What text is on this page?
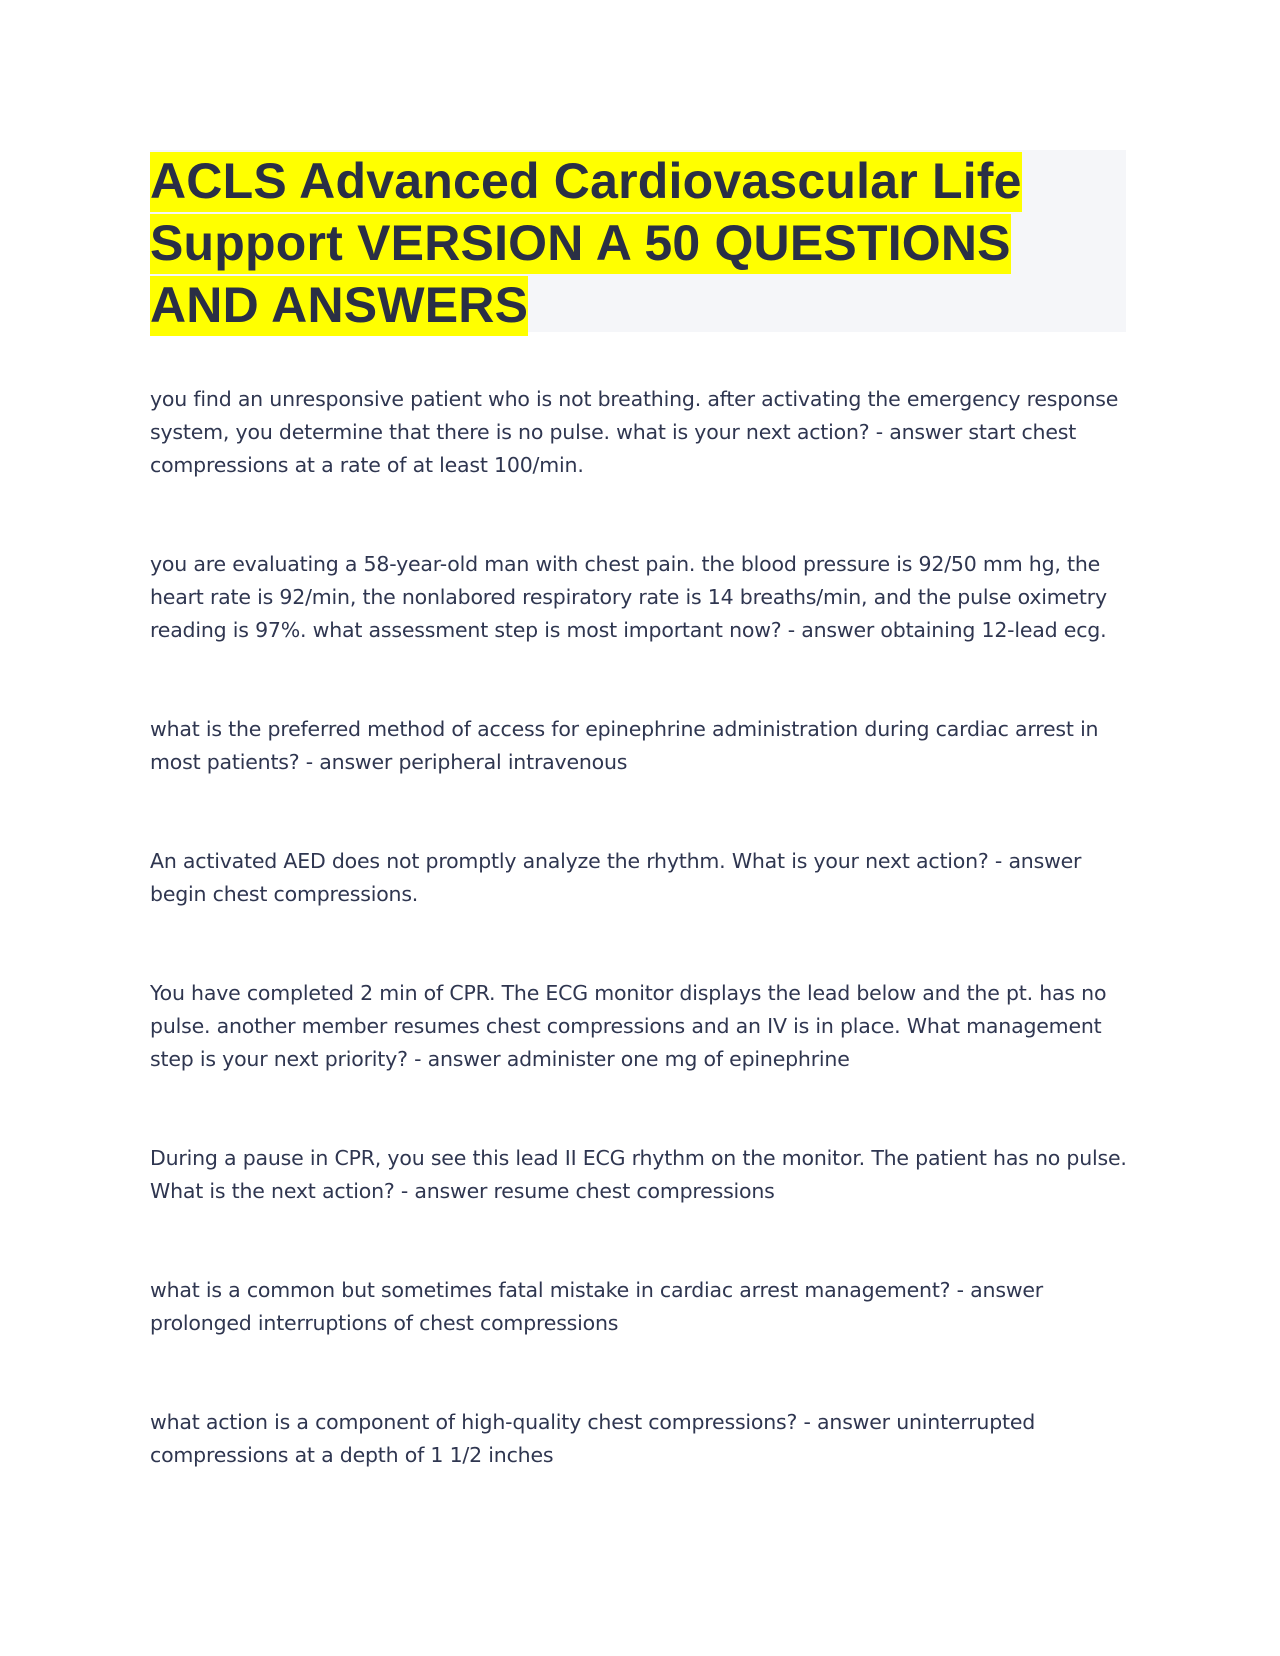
ACLS Advanced Cardiovascular Life Support VERSION A 50 QUESTIONS AND ANSWERS

you find an unresponsive patient who is not breathing. after activating the emergency response system, you determine that there is no pulse. what is your next action? - answer start chest compressions at a rate of at least 100/min.

you are evaluating a 58-year-old man with chest pain. the blood pressure is 92/50 mm hg, the heart rate is 92/min, the nonlabored respiratory rate is 14 breaths/min, and the pulse oximetry reading is 97%. what assessment step is most important now? - answer obtaining 12-lead ecg.

what is the preferred method of access for epinephrine administration during cardiac arrest in most patients? - answer peripheral intravenous

An activated AED does not promptly analyze the rhythm. What is your next action? - answer begin chest compressions.

You have completed 2 min of CPR. The ECG monitor displays the lead below and the pt. has no pulse. another member resumes chest compressions and an IV is in place. What management step is your next priority? - answer administer one mg of epinephrine

During a pause in CPR, you see this lead II ECG rhythm on the monitor. The patient has no pulse. What is the next action? - answer resume chest compressions

what is a common but sometimes fatal mistake in cardiac arrest management? - answer prolonged interruptions of chest compressions

what action is a component of high-quality chest compressions? - answer uninterrupted compressions at a depth of 1 1/2 inches
